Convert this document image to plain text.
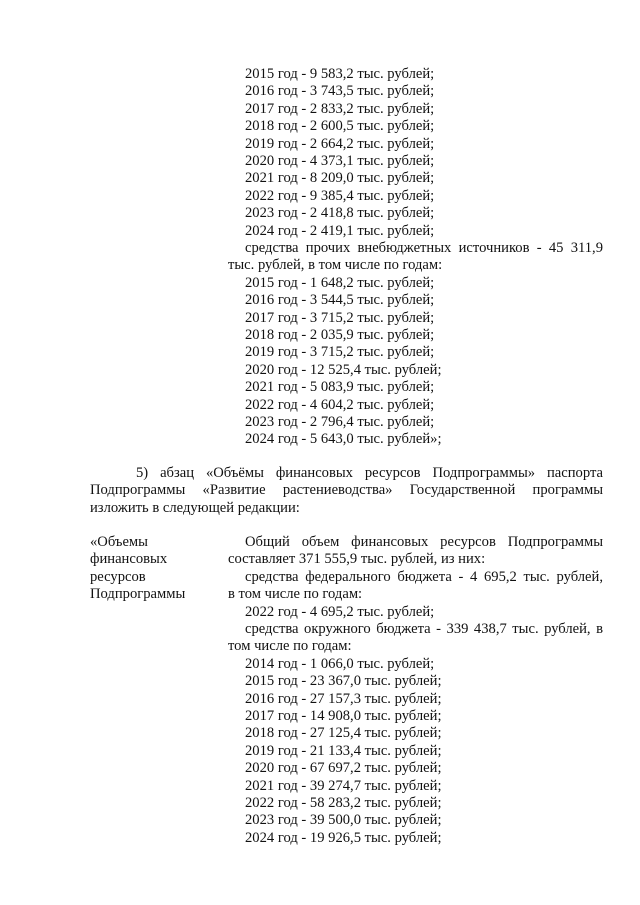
2015 год - 9 583,2 тыс. рублей;
2016 год - 3 743,5 тыс. рублей;
2017 год - 2 833,2 тыс. рублей;
2018 год - 2 600,5 тыс. рублей;
2019 год - 2 664,2 тыс. рублей;
2020 год - 4 373,1 тыс. рублей;
2021 год - 8 209,0 тыс. рублей;
2022 год - 9 385,4 тыс. рублей;
2023 год - 2 418,8 тыс. рублей;
2024 год - 2 419,1 тыс. рублей;
средства прочих внебюджетных источников - 45 311,9
тыс. рублей, в том числе по годам:
2015 год - 1 648,2 тыс. рублей;
2016 год - 3 544,5 тыс. рублей;
2017 год - 3 715,2 тыс. рублей;
2018 год - 2 035,9 тыс. рублей;
2019 год - 3 715,2 тыс. рублей;
2020 год - 12 525,4 тыс. рублей;
2021 год - 5 083,9 тыс. рублей;
2022 год - 4 604,2 тыс. рублей;
2023 год - 2 796,4 тыс. рублей;
2024 год - 5 643,0 тыс. рублей»;
5) абзац «Объёмы финансовых ресурсов Подпрограммы» паспорта
Подпрограммы «Развитие растениеводства» Государственной программы
изложить в следующей редакции:
«Объемы
финансовых
ресурсов
Подпрограммы
Общий объем финансовых ресурсов Подпрограммы
составляет 371 555,9 тыс. рублей, из них:
средства федерального бюджета - 4 695,2 тыс. рублей,
в том числе по годам:
2022 год - 4 695,2 тыс. рублей;
средства окружного бюджета - 339 438,7 тыс. рублей, в
том числе по годам:
2014 год - 1 066,0 тыс. рублей;
2015 год - 23 367,0 тыс. рублей;
2016 год - 27 157,3 тыс. рублей;
2017 год - 14 908,0 тыс. рублей;
2018 год - 27 125,4 тыс. рублей;
2019 год - 21 133,4 тыс. рублей;
2020 год - 67 697,2 тыс. рублей;
2021 год - 39 274,7 тыс. рублей;
2022 год - 58 283,2 тыс. рублей;
2023 год - 39 500,0 тыс. рублей;
2024 год - 19 926,5 тыс. рублей;
